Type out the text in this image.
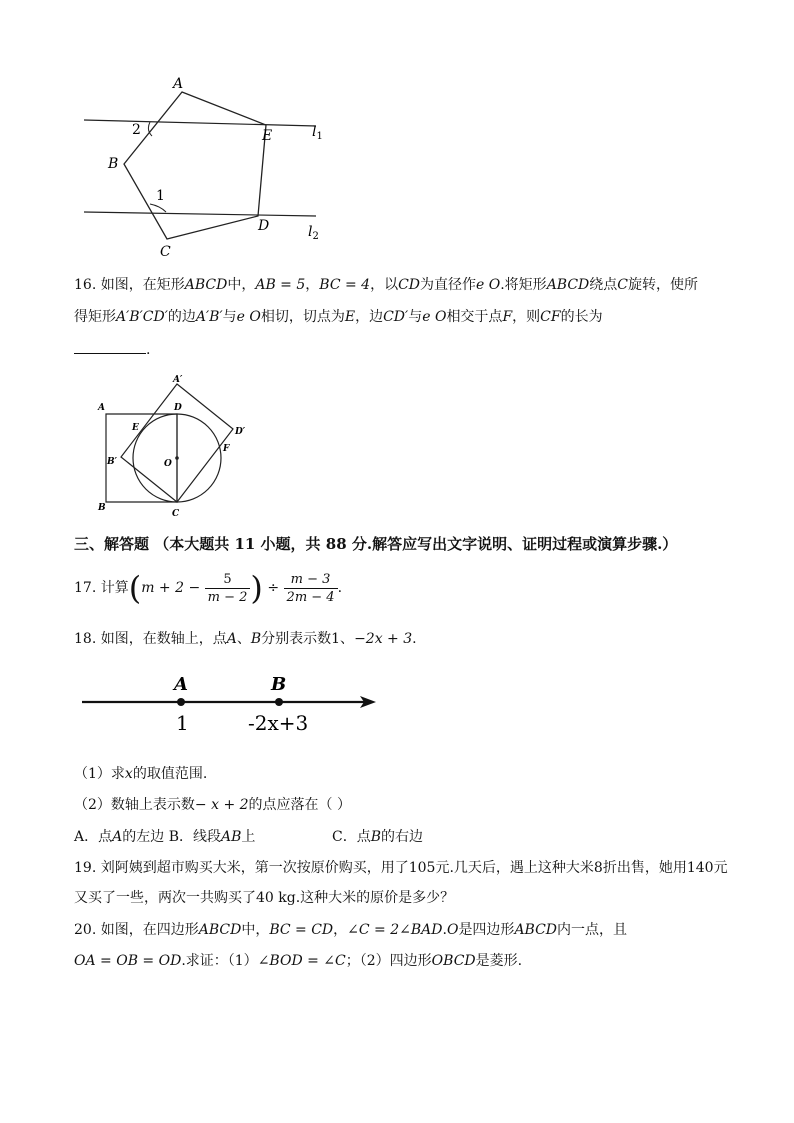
A
B
C
D
E
2
1
$l_1$
$l_2$
16. 如图，在矩形ABCD中，AB = 5，BC = 4，以CD为直径作e O.将矩形ABCD绕点C旋转，使所
得矩形A′B′CD′的边A′B′与e O相切，切点为E，边CD′与e O相交于点F，则CF的长为
.
A
B
C
D
E
O
A′
B′
D′
F
三、解答题 （本大题共 11 小题，共 88 分.解答应写出文字说明、证明过程或演算步骤.）
17. 计算($m + 2 - \frac{5}{m - 2}$ ) ÷ $\frac{m - 3}{2m - 4}$ .
18. 如图，在数轴上，点A、B分别表示数1、−2x + 3.
A	B
1	-2x+3
（1）求x的取值范围.
（2）数轴上表示数− x + 2的点应落在（ ）
A．点A的左边 B．线段AB上	C．点B的右边
19. 刘阿姨到超市购买大米，第一次按原价购买，用了105元.几天后，遇上这种大米8折出售，她用140元
又买了一些，两次一共购买了40 kg.这种大米的原价是多少？
20. 如图，在四边形ABCD中，BC = CD，∠C = 2∠BAD.O是四边形ABCD内一点，且
OA = OB = OD.求证：（1）∠BOD = ∠C；（2）四边形OBCD是菱形.
